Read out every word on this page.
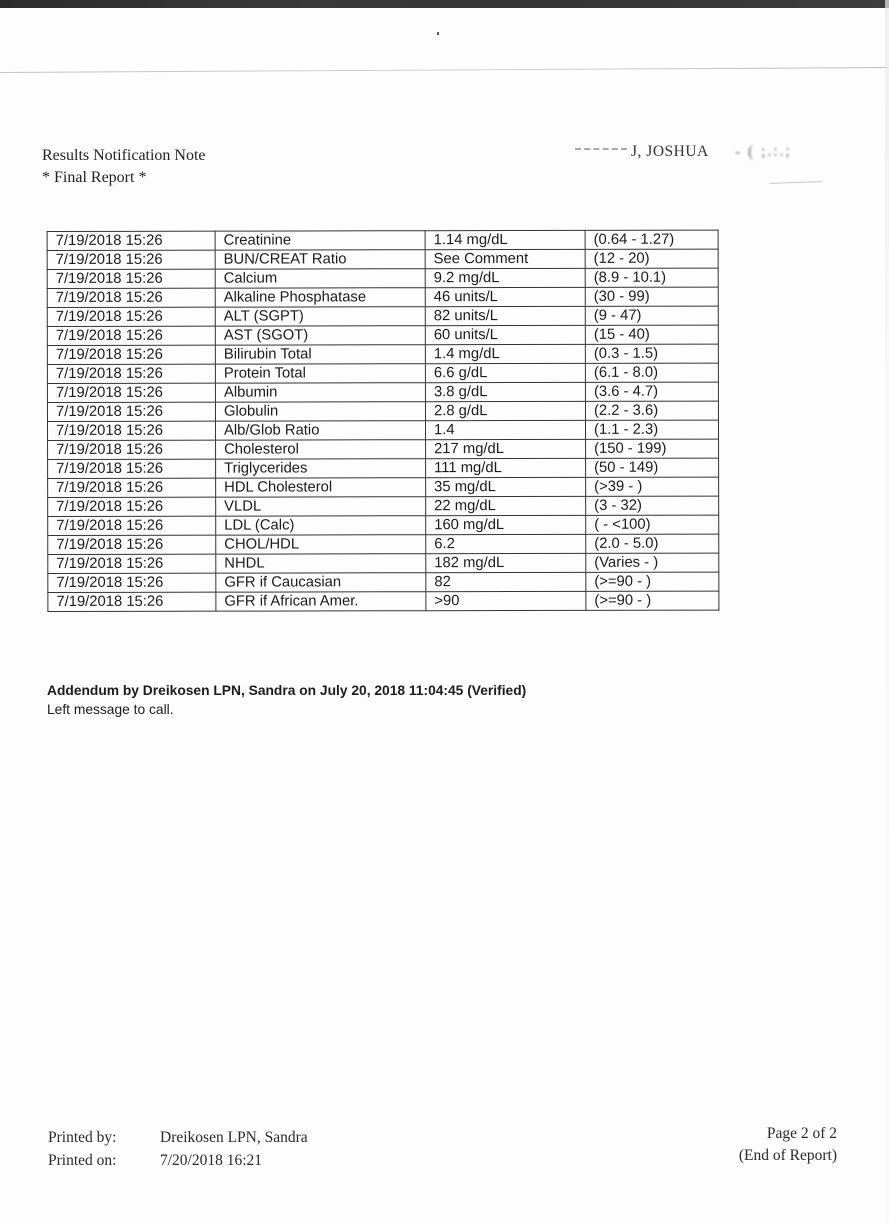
Results Notification Note
* Final Report *
J, JOSHUA - ( ;.:.;
7/19/2018 15:26	Creatinine	1.14 mg/dL	(0.64 - 1.27)
7/19/2018 15:26	BUN/CREAT Ratio	See Comment	(12 - 20)
7/19/2018 15:26	Calcium	9.2 mg/dL	(8.9 - 10.1)
7/19/2018 15:26	Alkaline Phosphatase	46 units/L	(30 - 99)
7/19/2018 15:26	ALT (SGPT)	82 units/L	(9 - 47)
7/19/2018 15:26	AST (SGOT)	60 units/L	(15 - 40)
7/19/2018 15:26	Bilirubin Total	1.4 mg/dL	(0.3 - 1.5)
7/19/2018 15:26	Protein Total	6.6 g/dL	(6.1 - 8.0)
7/19/2018 15:26	Albumin	3.8 g/dL	(3.6 - 4.7)
7/19/2018 15:26	Globulin	2.8 g/dL	(2.2 - 3.6)
7/19/2018 15:26	Alb/Glob Ratio	1.4	(1.1 - 2.3)
7/19/2018 15:26	Cholesterol	217 mg/dL	(150 - 199)
7/19/2018 15:26	Triglycerides	111 mg/dL	(50 - 149)
7/19/2018 15:26	HDL Cholesterol	35 mg/dL	(>39 - )
7/19/2018 15:26	VLDL	22 mg/dL	(3 - 32)
7/19/2018 15:26	LDL (Calc)	160 mg/dL	( - <100)
7/19/2018 15:26	CHOL/HDL	6.2	(2.0 - 5.0)
7/19/2018 15:26	NHDL	182 mg/dL	(Varies - )
7/19/2018 15:26	GFR if Caucasian	82	(>=90 - )
7/19/2018 15:26	GFR if African Amer.	>90	(>=90 - )
Addendum by Dreikosen LPN, Sandra on July 20, 2018 11:04:45 (Verified)
Left message to call.
Printed by:	Dreikosen LPN, Sandra
Printed on:	7/20/2018 16:21
Page 2 of 2
(End of Report)
